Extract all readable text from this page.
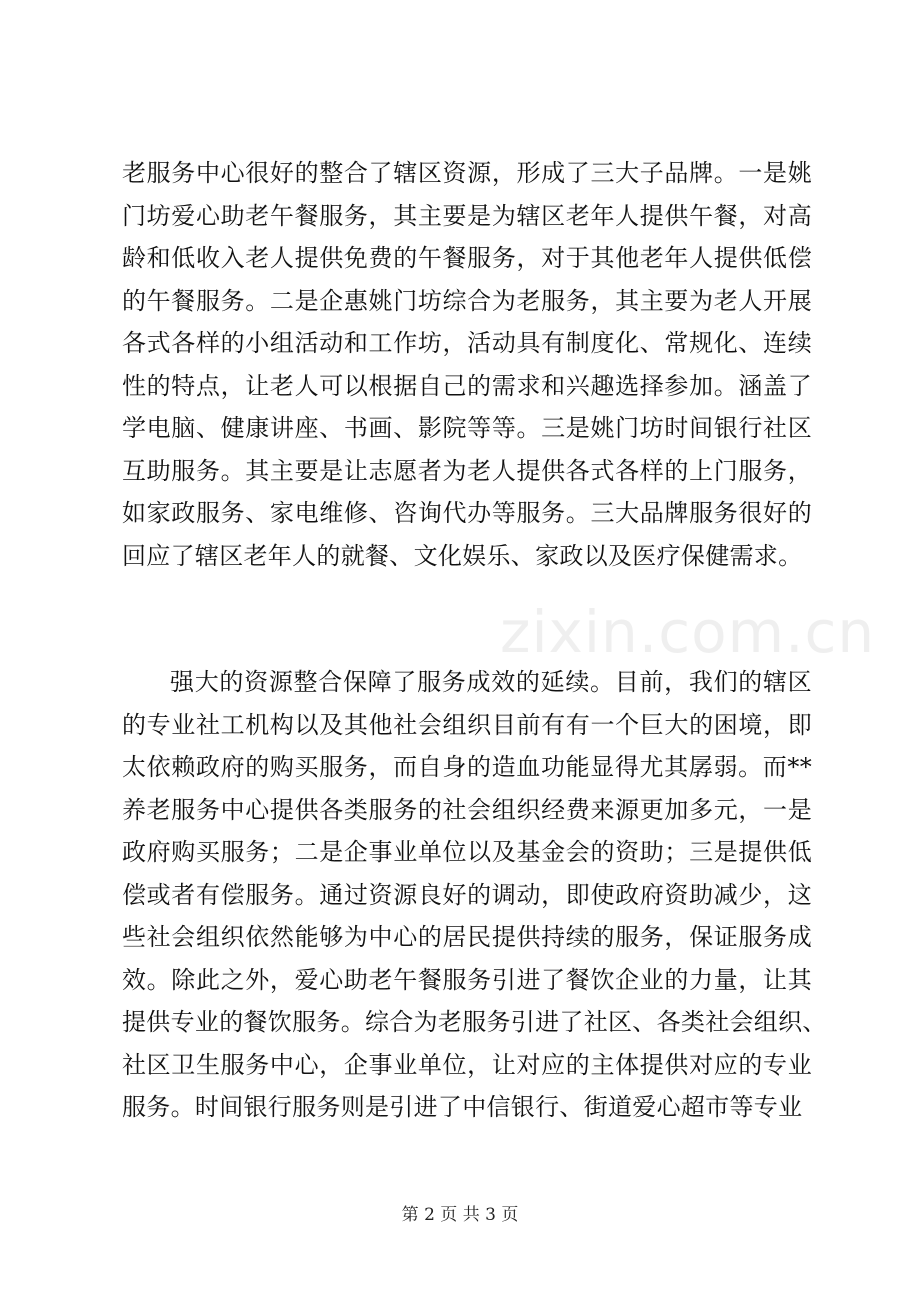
老服务中心很好的整合了辖区资源，形成了三大子品牌。一是姚
门坊爱心助老午餐服务，其主要是为辖区老年人提供午餐，对高
龄和低收入老人提供免费的午餐服务，对于其他老年人提供低偿
的午餐服务。二是企惠姚门坊综合为老服务，其主要为老人开展
各式各样的小组活动和工作坊，活动具有制度化、常规化、连续
性的特点，让老人可以根据自己的需求和兴趣选择参加。涵盖了
学电脑、健康讲座、书画、影院等等。三是姚门坊时间银行社区
互助服务。其主要是让志愿者为老人提供各式各样的上门服务，
如家政服务、家电维修、咨询代办等服务。三大品牌服务很好的
回应了辖区老年人的就餐、文化娱乐、家政以及医疗保健需求。
强大的资源整合保障了服务成效的延续。目前，我们的辖区
的专业社工机构以及其他社会组织目前有有一个巨大的困境，即
太依赖政府的购买服务，而自身的造血功能显得尤其孱弱。而**
养老服务中心提供各类服务的社会组织经费来源更加多元，一是
政府购买服务；二是企事业单位以及基金会的资助；三是提供低
偿或者有偿服务。通过资源良好的调动，即使政府资助减少，这
些社会组织依然能够为中心的居民提供持续的服务，保证服务成
效。除此之外，爱心助老午餐服务引进了餐饮企业的力量，让其
提供专业的餐饮服务。综合为老服务引进了社区、各类社会组织、
社区卫生服务中心，企事业单位，让对应的主体提供对应的专业
服务。时间银行服务则是引进了中信银行、街道爱心超市等专业
zixin.com.cn
第 2 页 共 3 页
